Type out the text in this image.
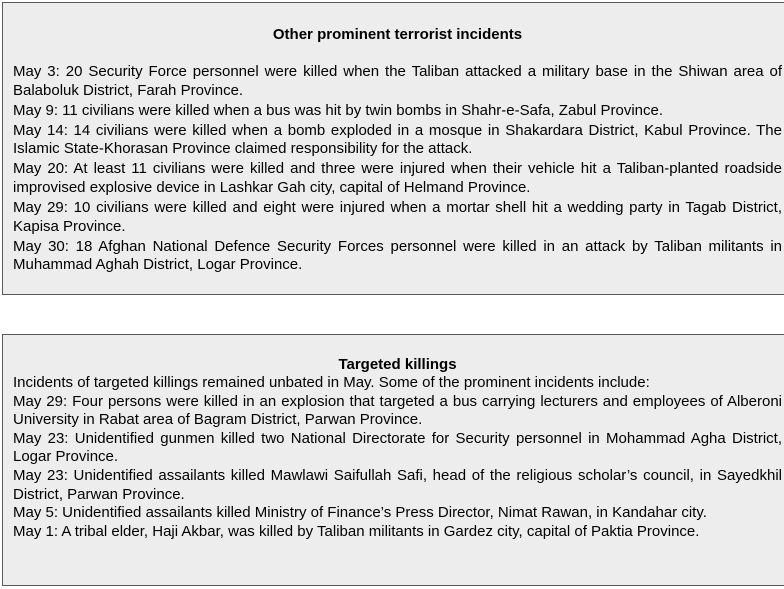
Other prominent terrorist incidents

May 3: 20 Security Force personnel were killed when the Taliban attacked a military base in the Shiwan area of Balaboluk District, Farah Province.

May 9: 11 civilians were killed when a bus was hit by twin bombs in Shahr-e-Safa, Zabul Province.

May 14: 14 civilians were killed when a bomb exploded in a mosque in Shakardara District, Kabul Province. The Islamic State-Khorasan Province claimed responsibility for the attack.

May 20: At least 11 civilians were killed and three were injured when their vehicle hit a Taliban-planted roadside improvised explosive device in Lashkar Gah city, capital of Helmand Province.

May 29: 10 civilians were killed and eight were injured when a mortar shell hit a wedding party in Tagab District, Kapisa Province.

May 30: 18 Afghan National Defence Security Forces personnel were killed in an attack by Taliban militants in Muhammad Aghah District, Logar Province.

Targeted killings

Incidents of targeted killings remained unbated in May. Some of the prominent incidents include:

May 29: Four persons were killed in an explosion that targeted a bus carrying lecturers and employees of Alberoni University in Rabat area of Bagram District, Parwan Province.

May 23: Unidentified gunmen killed two National Directorate for Security personnel in Mohammad Agha District, Logar Province.

May 23: Unidentified assailants killed Mawlawi Saifullah Safi, head of the religious scholar’s council, in Sayedkhil District, Parwan Province.

May 5: Unidentified assailants killed Ministry of Finance’s Press Director, Nimat Rawan, in Kandahar city.

May 1: A tribal elder, Haji Akbar, was killed by Taliban militants in Gardez city, capital of Paktia Province.
